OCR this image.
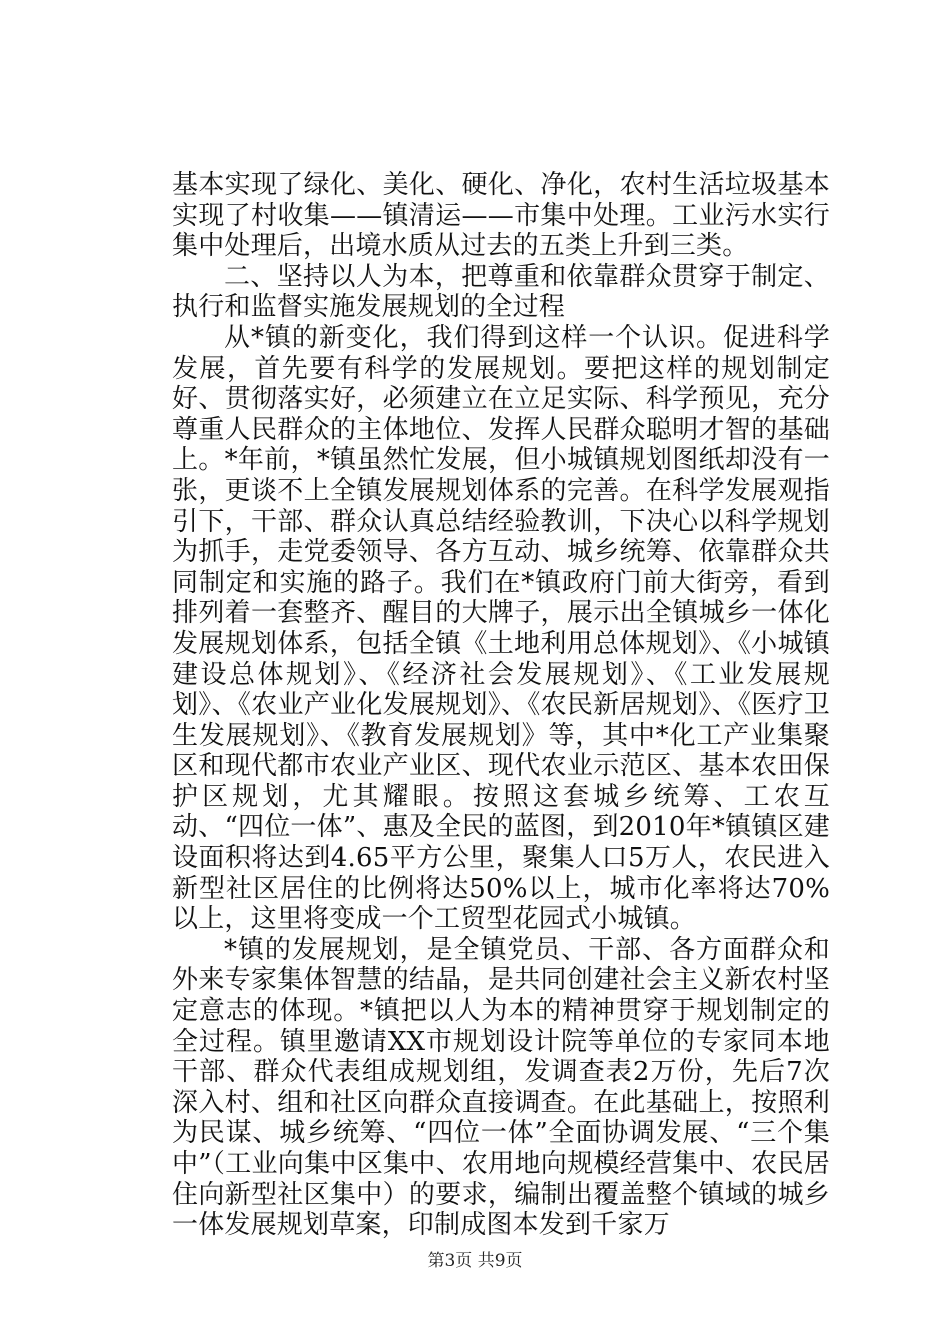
基本实现了绿化、美化、硬化、净化，农村生活垃圾基本实现了村收集——镇清运——市集中处理。工业污水实行集中处理后，出境水质从过去的五类上升到三类。

二、坚持以人为本，把尊重和依靠群众贯穿于制定、执行和监督实施发展规划的全过程

从*镇的新变化，我们得到这样一个认识。促进科学发展，首先要有科学的发展规划。要把这样的规划制定好、贯彻落实好，必须建立在立足实际、科学预见，充分尊重人民群众的主体地位、发挥人民群众聪明才智的基础上。*年前，*镇虽然忙发展，但小城镇规划图纸却没有一张，更谈不上全镇发展规划体系的完善。在科学发展观指引下，干部、群众认真总结经验教训，下决心以科学规划为抓手，走党委领导、各方互动、城乡统筹、依靠群众共同制定和实施的路子。我们在*镇政府门前大街旁，看到排列着一套整齐、醒目的大牌子，展示出全镇城乡一体化发展规划体系，包括全镇《土地利用总体规划》、《小城镇建设总体规划》、《经济社会发展规划》、《工业发展规划》、《农业产业化发展规划》、《农民新居规划》、《医疗卫生发展规划》、《教育发展规划》等，其中*化工产业集聚区和现代都市农业产业区、现代农业示范区、基本农田保护区规划，尤其耀眼。按照这套城乡统筹、工农互动、“四位一体”、惠及全民的蓝图，到2010年*镇镇区建设面积将达到4.65平方公里，聚集人口5万人，农民进入新型社区居住的比例将达50%以上，城市化率将达70%以上，这里将变成一个工贸型花园式小城镇。

*镇的发展规划，是全镇党员、干部、各方面群众和外来专家集体智慧的结晶，是共同创建社会主义新农村坚定意志的体现。*镇把以人为本的精神贯穿于规划制定的全过程。镇里邀请XX市规划设计院等单位的专家同本地干部、群众代表组成规划组，发调查表2万份，先后7次深入村、组和社区向群众直接调查。在此基础上，按照利为民谋、城乡统筹、“四位一体”全面协调发展、“三个集中”（工业向集中区集中、农用地向规模经营集中、农民居住向新型社区集中）的要求，编制出覆盖整个镇域的城乡一体发展规划草案，印制成图本发到千家万

第3页 共9页
